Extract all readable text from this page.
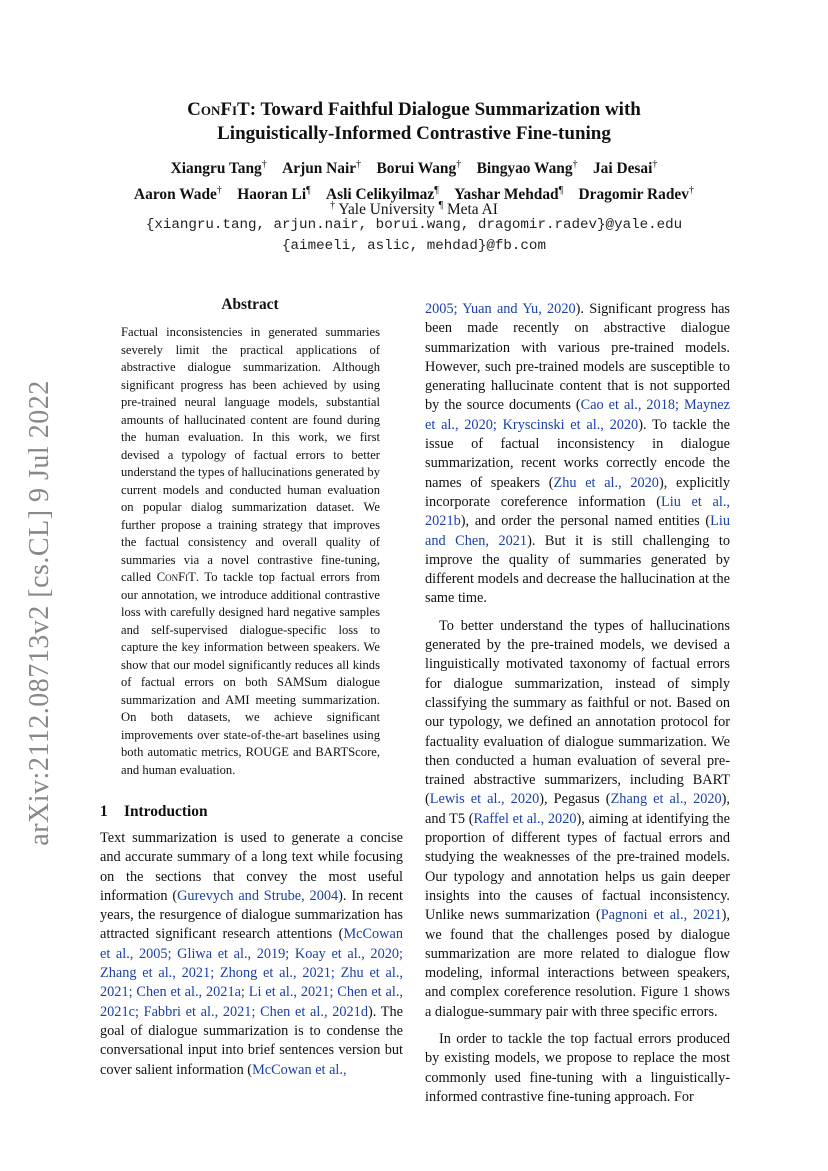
arXiv:2112.08713v2 [cs.CL] 9 Jul 2022
ConFiT: Toward Faithful Dialogue Summarization with
Linguistically-Informed Contrastive Fine-tuning
Xiangru Tang†  Arjun Nair†  Borui Wang†  Bingyao Wang†  Jai Desai†
Aaron Wade†  Haoran Li¶  Asli Celikyilmaz¶  Yashar Mehdad¶  Dragomir Radev†
† Yale University ¶ Meta AI
{xiangru.tang, arjun.nair, borui.wang, dragomir.radev}@yale.edu
{aimeeli, aslic, mehdad}@fb.com
Abstract
Factual inconsistencies in generated summaries severely limit the practical applications of abstractive dialogue summarization. Although significant progress has been achieved by using pre-trained neural language models, substantial amounts of hallucinated content are found during the human evaluation. In this work, we first devised a typology of factual errors to better understand the types of hallucinations generated by current models and conducted human evaluation on popular dialog summarization dataset. We further propose a training strategy that improves the factual consistency and overall quality of summaries via a novel contrastive fine-tuning, called ConFiT. To tackle top factual errors from our annotation, we introduce additional contrastive loss with carefully designed hard negative samples and self-supervised dialogue-specific loss to capture the key information between speakers. We show that our model significantly reduces all kinds of factual errors on both SAMSum dialogue summarization and AMI meeting summarization. On both datasets, we achieve significant improvements over state-of-the-art baselines using both automatic metrics, ROUGE and BARTScore, and human evaluation.
1 Introduction

Text summarization is used to generate a concise and accurate summary of a long text while focusing on the sections that convey the most useful information (Gurevych and Strube, 2004). In recent years, the resurgence of dialogue summarization has attracted significant research attentions (McCowan et al., 2005; Gliwa et al., 2019; Koay et al., 2020; Zhang et al., 2021; Zhong et al., 2021; Zhu et al., 2021; Chen et al., 2021a; Li et al., 2021; Chen et al., 2021c; Fabbri et al., 2021; Chen et al., 2021d). The goal of dialogue summarization is to condense the conversational input into brief sentences version but cover salient information (McCowan et al.,

2005; Yuan and Yu, 2020). Significant progress has been made recently on abstractive dialogue summarization with various pre-trained models. However, such pre-trained models are susceptible to generating hallucinate content that is not supported by the source documents (Cao et al., 2018; Maynez et al., 2020; Kryscinski et al., 2020). To tackle the issue of factual inconsistency in dialogue summarization, recent works correctly encode the names of speakers (Zhu et al., 2020), explicitly incorporate coreference information (Liu et al., 2021b), and order the personal named entities (Liu and Chen, 2021). But it is still challenging to improve the quality of summaries generated by different models and decrease the hallucination at the same time.

To better understand the types of hallucinations generated by the pre-trained models, we devised a linguistically motivated taxonomy of factual errors for dialogue summarization, instead of simply classifying the summary as faithful or not. Based on our typology, we defined an annotation protocol for factuality evaluation of dialogue summarization. We then conducted a human evaluation of several pre-trained abstractive summarizers, including BART (Lewis et al., 2020), Pegasus (Zhang et al., 2020), and T5 (Raffel et al., 2020), aiming at identifying the proportion of different types of factual errors and studying the weaknesses of the pre-trained models. Our typology and annotation helps us gain deeper insights into the causes of factual inconsistency. Unlike news summarization (Pagnoni et al., 2021), we found that the challenges posed by dialogue summarization are more related to dialogue flow modeling, informal interactions between speakers, and complex coreference resolution. Figure 1 shows a dialogue-summary pair with three specific errors.

In order to tackle the top factual errors produced by existing models, we propose to replace the most commonly used fine-tuning with a linguistically-informed contrastive fine-tuning approach. For
